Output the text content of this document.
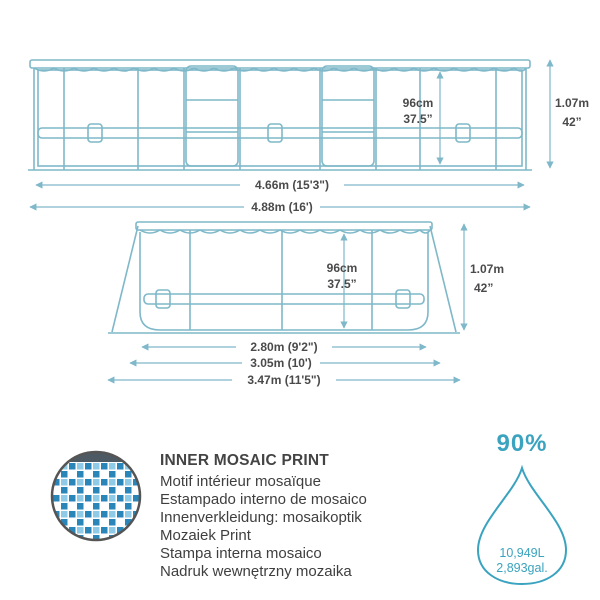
96cm
37.5”
1.07m
42”
4.66m (15'3")
4.88m (16')
96cm
37.5”
1.07m
42”
2.80m (9'2")
3.05m (10')
3.47m (11'5")

INNER MOSAIC PRINT

Motif intérieur mosaïque

Estampado interno de mosaico

Innenverkleidung: mosaikoptik

Mozaiek Print

Stampa interna mosaico

Nadruk wewnętrzny mozaika

90%
10,949L
2,893gal.
